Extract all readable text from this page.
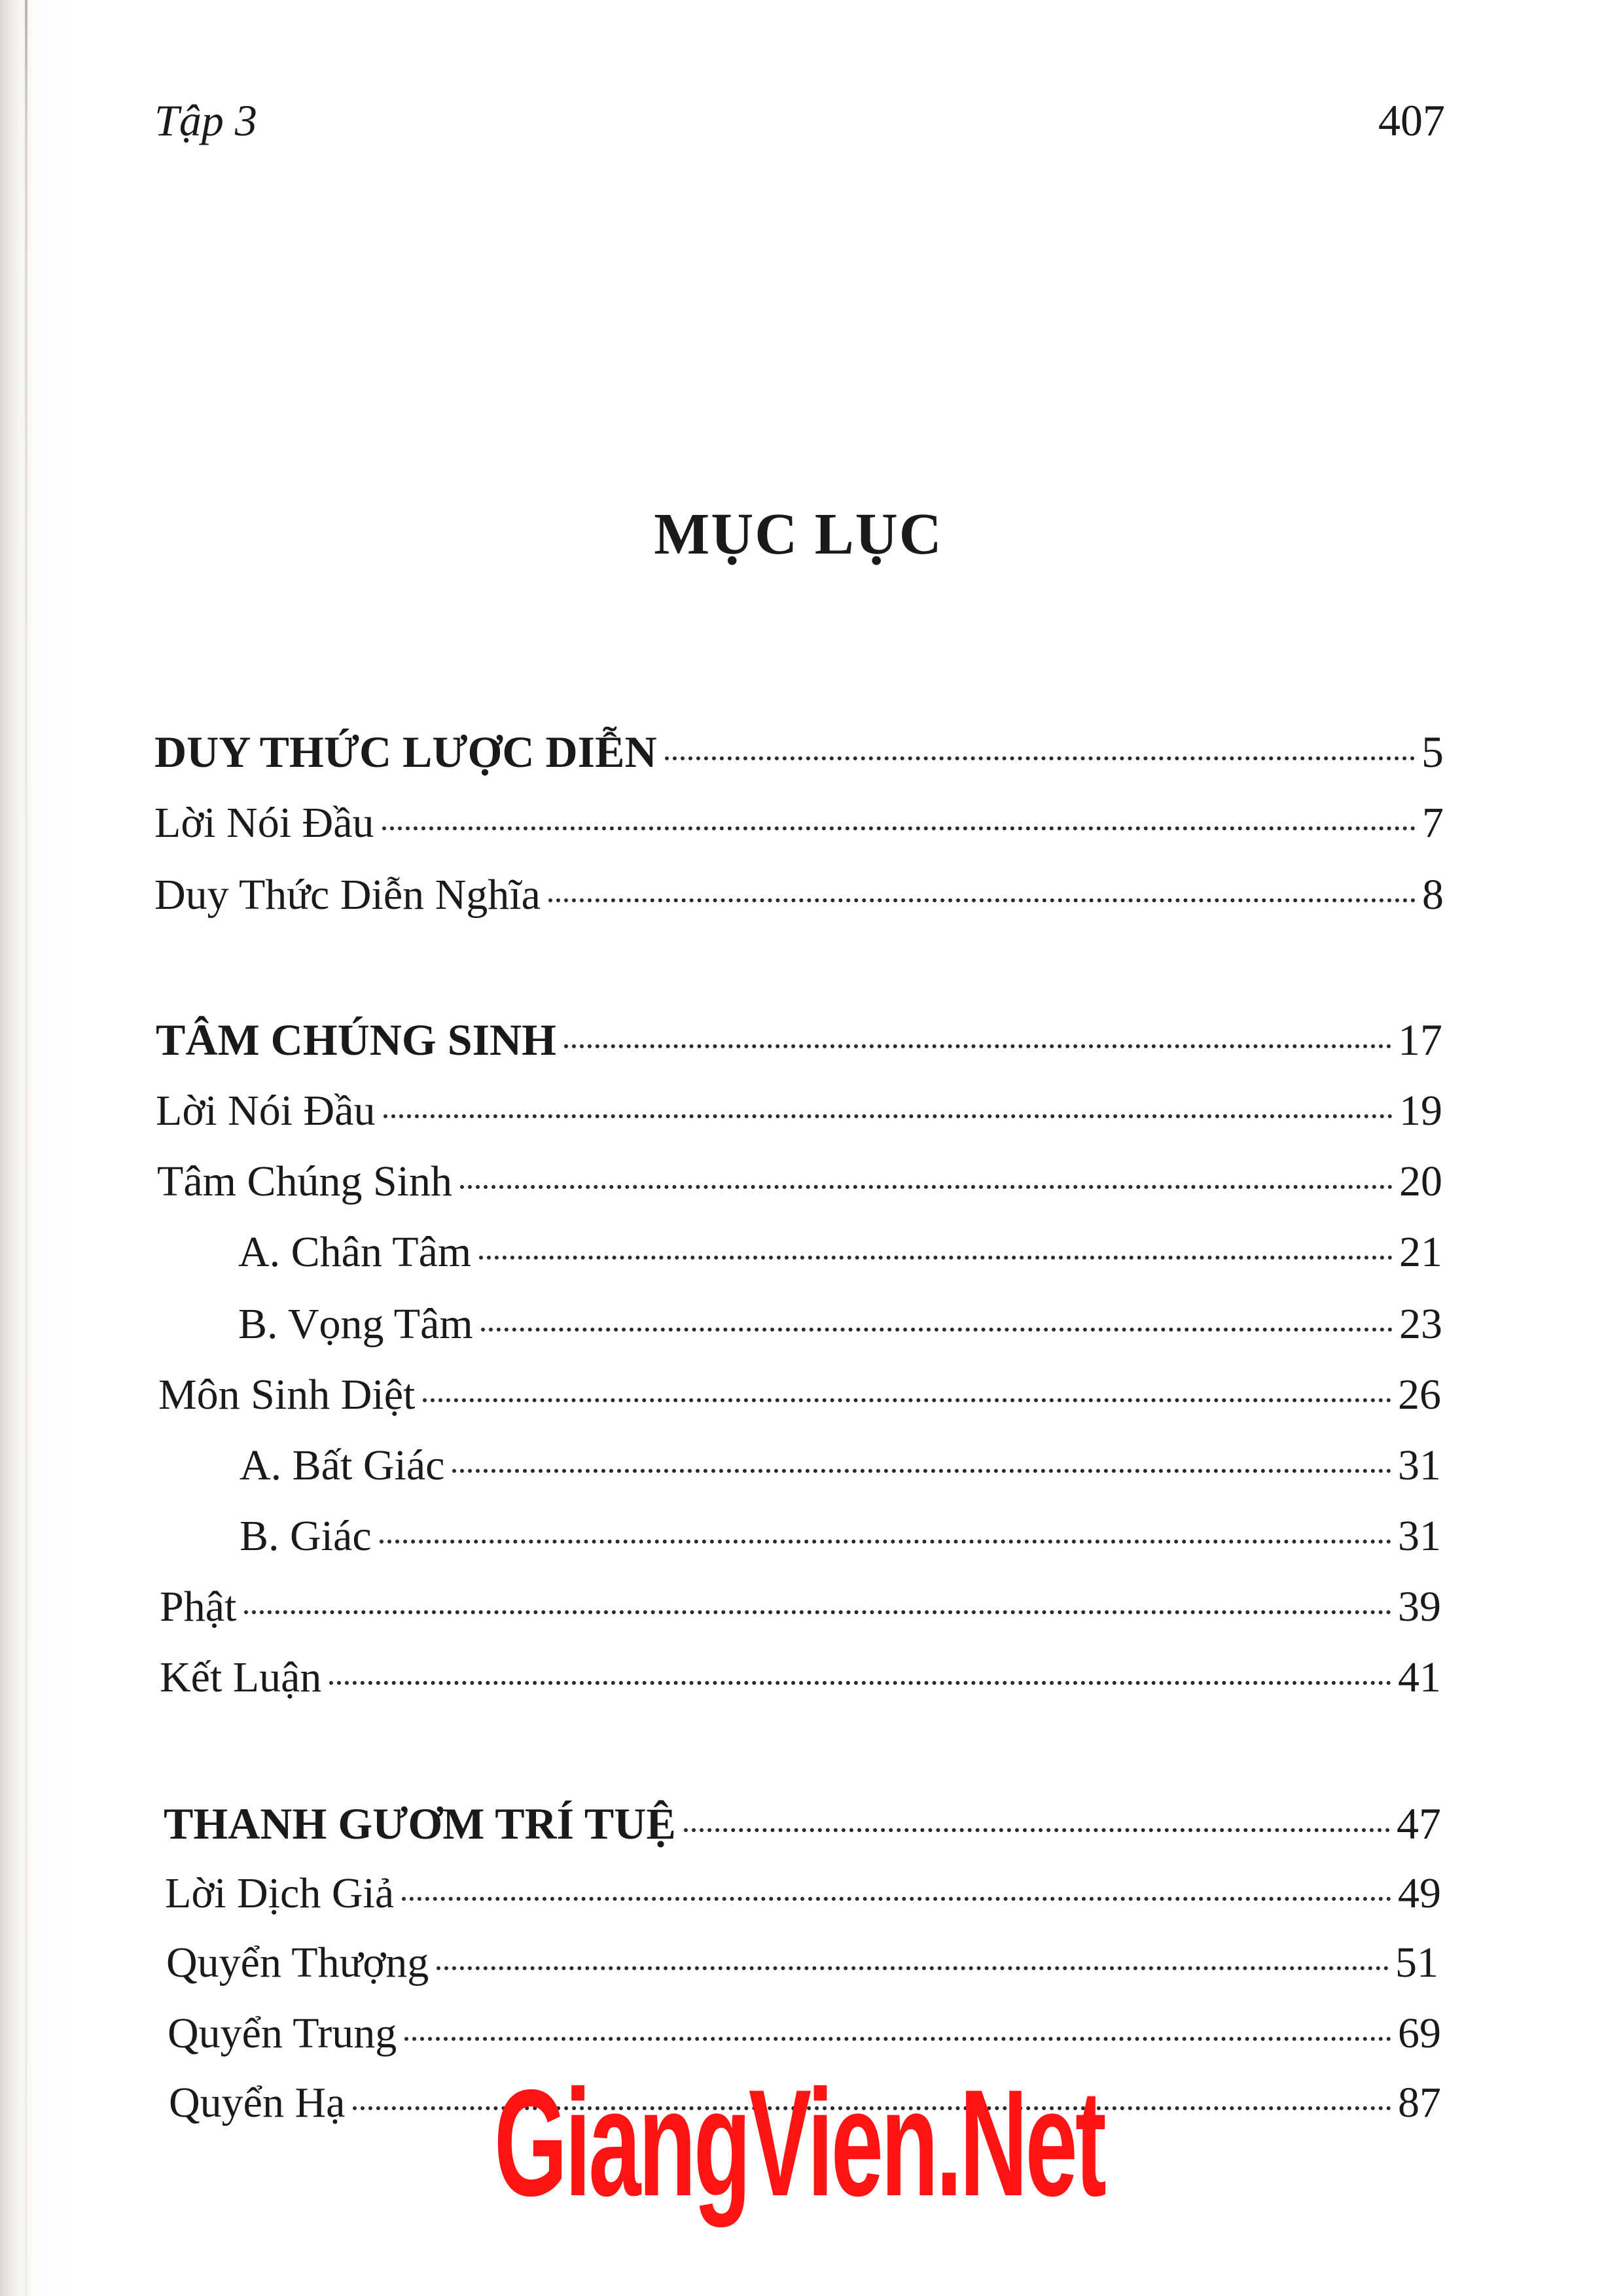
Tập 3	407
MỤC LỤC
DUY THỨC LƯỢC DIỄN	5
Lời Nói Đầu	7
Duy Thức Diễn Nghĩa	8
TÂM CHÚNG SINH	17
Lời Nói Đầu	19
Tâm Chúng Sinh	20
A. Chân Tâm	21
B. Vọng Tâm	23
Môn Sinh Diệt	26
A. Bất Giác	31
B. Giác	31
Phật	39
Kết Luận	41
THANH GƯƠM TRÍ TUỆ	47
Lời Dịch Giả	49
Quyển Thượng	51
Quyển Trung	69
Quyển Hạ	87
GiangVien.Net
